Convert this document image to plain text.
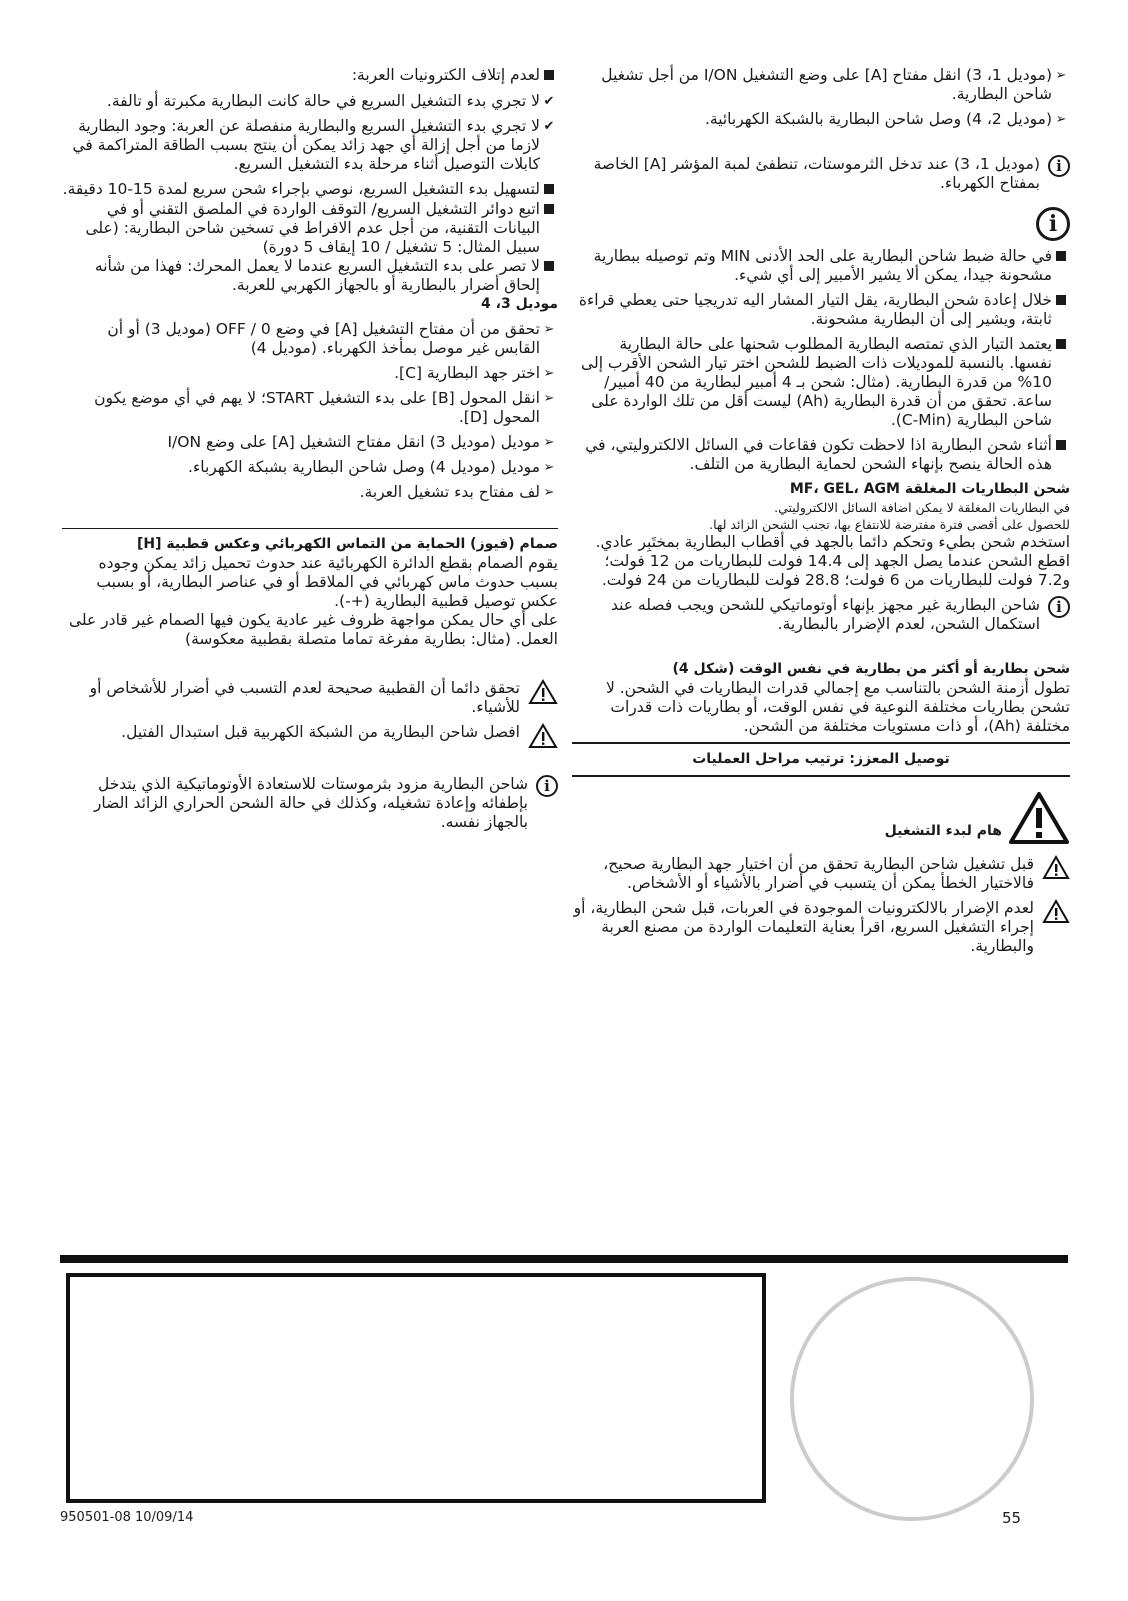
➢
(موديل 1، 3) انقل مفتاح [A] على وضع التشغيل I/ON من أجل تشغيل شاحن البطارية.
➢
(موديل 2، 4) وصل شاحن البطارية بالشبكة الكهربائية.
i
(موديل 1، 3) عند تدخل الثرموستات، تنطفئ لمبة المؤشر [A] الخاصة بمفتاح الكهرباء.
i
في حالة ضبط شاحن البطارية على الحد الأدنى MIN وتم توصيله ببطارية مشحونة جيدا، يمكن ألا يشير الأمبير إلى أي شيء.
خلال إعادة شحن البطارية، يقل التيار المشار اليه تدريجيا حتى يعطي قراءة ثابتة، ويشير إلى أن البطارية مشحونة.
يعتمد التيار الذي تمتصه البطارية المطلوب شحنها على حالة البطارية نفسها. بالنسبة للموديلات ذات الضبط للشحن اختر تيار الشحن الأقرب إلى 10% من قدرة البطارية. (مثال: شحن بـ 4 أمبير لبطارية من 40 أمبير/ ساعة. تحقق من أن قدرة البطارية (Ah) ليست أقل من تلك الواردة على شاحن البطارية (C-Min).
أثناء شحن البطارية اذا لاحظت تكون فقاعات في السائل الالكتروليتي، في هذه الحالة ينصح بإنهاء الشحن لحماية البطارية من التلف.
شحن البطاريات المغلقة MF، GEL، AGM
في البطاريات المغلقة لا يمكن اضافة السائل الالكتروليتي.
للحصول على أقصى فترة مفترضة للانتفاع بها، تجنب الشحن الزائد لها.
استخدم شحن بطيء وتحكم دائما بالجهد في أقطاب البطارية بمختَبِر عادي.
اقطع الشحن عندما يصل الجهد إلى 14.4 فولت للبطاريات من 12 فولت؛ و7.2 فولت للبطاريات من 6 فولت؛ 28.8 فولت للبطاريات من 24 فولت.
i
شاحن البطارية غير مجهز بإنهاء أوتوماتيكي للشحن ويجب فصله عند استكمال الشحن، لعدم الإضرار بالبطارية.
شحن بطارية أو أكثر من بطارية في نفس الوقت (شكل 4)
تطول أزمنة الشحن بالتناسب مع إجمالي قدرات البطاريات في الشحن. لا تشحن بطاريات مختلفة النوعية في نفس الوقت، أو بطاريات ذات قدرات مختلفة (Ah)، أو ذات مستويات مختلفة من الشحن.
توصيل المعزز: ترتيب مراحل العمليات
هام لبدء التشغيل
قبل تشغيل شاحن البطارية تحقق من أن اختيار جهد البطارية صحيح، فالاختيار الخطأ يمكن أن يتسبب في أضرار بالأشياء أو الأشخاص.
لعدم الإضرار بالالكترونيات الموجودة في العربات، قبل شحن البطارية، أو إجراء التشغيل السريع، اقرأ بعناية التعليمات الواردة من مصنع العربة والبطارية.
لعدم إتلاف الكترونيات العربة:
✔
لا تجري بدء التشغيل السريع في حالة كانت البطارية مكبرتة أو تالفة.
✔
لا تجري بدء التشغيل السريع والبطارية منفصلة عن العربة: وجود البطارية لازما من أجل إزالة أي جهد زائد يمكن أن ينتج بسبب الطاقة المتراكمة في كابلات التوصيل أثناء مرحلة بدء التشغيل السريع.
لتسهيل بدء التشغيل السريع، نوصي بإجراء شحن سريع لمدة 15-10 دقيقة.
اتبع دوائر التشغيل السريع/ التوقف الواردة في الملصق التقني أو في البيانات التقنية، من أجل عدم الافراط في تسخين شاحن البطارية: (على سبيل المثال: 5 تشغيل / 10 إيقاف 5 دورة)
لا تصر على بدء التشغيل السريع عندما لا يعمل المحرك: فهذا من شأنه إلحاق أضرار بالبطارية أو بالجهاز الكهربي للعربة.
موديل 3، 4
➢
تحقق من أن مفتاح التشغيل [A] في وضع 0 / OFF (موديل 3) أو أن القابس غير موصل بمأخذ الكهرباء. (موديل 4)
➢
اختر جهد البطارية [C].
➢
انقل المحول [B] على بدء التشغيل START؛ لا يهم في أي موضع يكون المحول [D].
➢
موديل (موديل 3) انقل مفتاح التشغيل [A] على وضع I/ON
➢
موديل (موديل 4) وصل شاحن البطارية بشبكة الكهرباء.
➢
لف مفتاح بدء تشغيل العربة.
صمام (فيوز) الحماية من التماس الكهربائي وعكس قطبية [H]
يقوم الصمام بقطع الدائرة الكهربائية عند حدوث تحميل زائد يمكن وجوده بسبب حدوث ماس كهربائي في الملاقط أو في عناصر البطارية، أو بسبب عكس توصيل قطبية البطارية (+-).
على أي حال يمكن مواجهة ظروف غير عادية يكون فيها الصمام غير قادر على العمل. (مثال: بطارية مفرغة تماما متصلة بقطبية معكوسة)
تحقق دائما أن القطبية صحيحة لعدم التسبب في أضرار للأشخاص أو للأشياء.
افصل شاحن البطارية من الشبكة الكهربية قبل استبدال الفتيل.
i
شاحن البطارية مزود بثرموستات للاستعادة الأوتوماتيكية الذي يتدخل بإطفائه وإعادة تشغيله، وكذلك في حالة الشحن الحراري الزائد الضار بالجهاز نفسه.
950501-08 10/09/14	55
